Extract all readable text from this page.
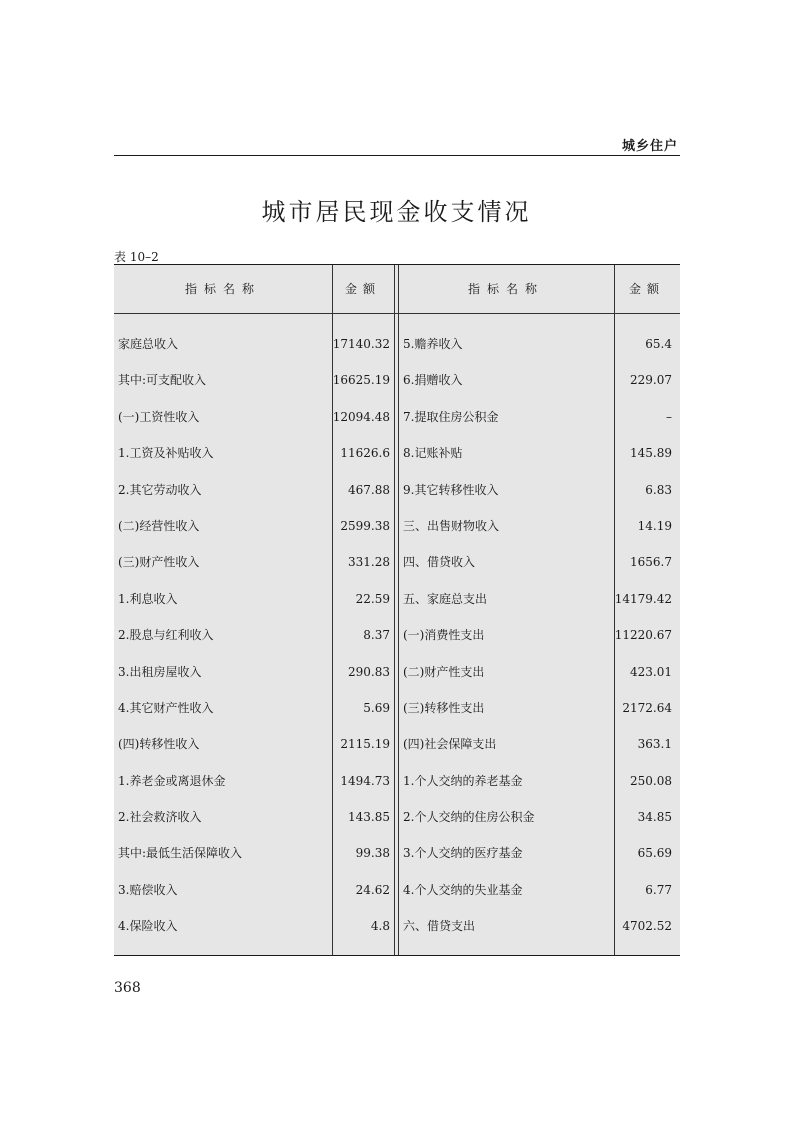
城乡住户
城市居民现金收支情况
表 10–2
指标名称	金额	指标名称	金额
家庭总收入	17140.32 5.赡养收入	65.4
其中:可支配收入	16625.19 6.捐赠收入	229.07
(一)工资性收入	12094.48 7.提取住房公积金	–
1.工资及补贴收入	11626.6 8.记账补贴	145.89
2.其它劳动收入	467.88 9.其它转移性收入	6.83
(二)经营性收入	2599.38 三、出售财物收入	14.19
(三)财产性收入	331.28 四、借贷收入	1656.7
1.利息收入	22.59 五、家庭总支出	14179.42
2.股息与红利收入	8.37 (一)消费性支出	11220.67
3.出租房屋收入	290.83 (二)财产性支出	423.01
4.其它财产性收入	5.69 (三)转移性支出	2172.64
(四)转移性收入	2115.19 (四)社会保障支出	363.1
1.养老金或离退休金	1494.73 1.个人交纳的养老基金	250.08
2.社会救济收入	143.85 2.个人交纳的住房公积金	34.85
其中:最低生活保障收入	99.38 3.个人交纳的医疗基金	65.69
3.赔偿收入	24.62 4.个人交纳的失业基金	6.77
4.保险收入	4.8 六、借贷支出	4702.52
368
